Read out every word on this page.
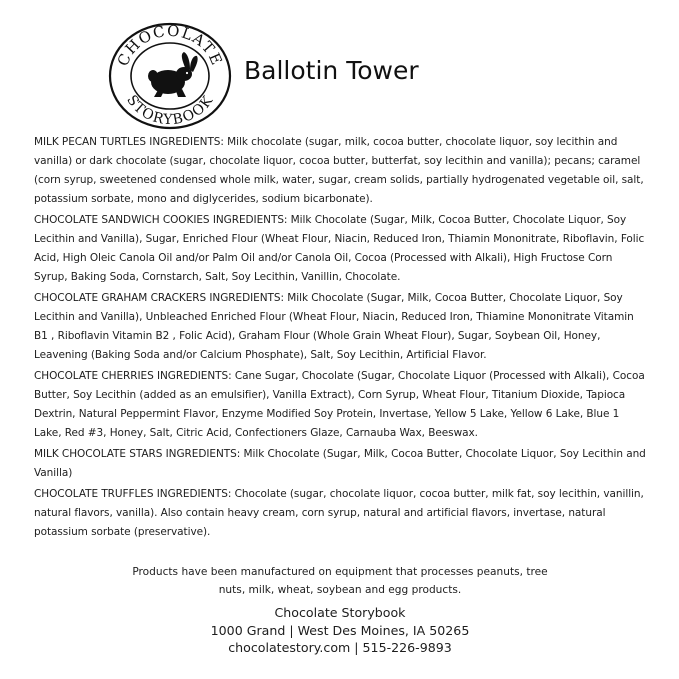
CHOCOLATE
STORYBOOK
Ballotin Tower

MILK PECAN TURTLES INGREDIENTS: Milk chocolate (sugar, milk, cocoa butter, chocolate liquor, soy lecithin and vanilla) or dark chocolate (sugar, chocolate liquor, cocoa butter, butterfat, soy lecithin and vanilla); pecans; caramel (corn syrup, sweetened condensed whole milk, water, sugar, cream solids, partially hydrogenated vegetable oil, salt, potassium sorbate, mono and diglycerides, sodium bicarbonate).

CHOCOLATE SANDWICH COOKIES INGREDIENTS: Milk Chocolate (Sugar, Milk, Cocoa Butter, Chocolate Liquor, Soy Lecithin and Vanilla), Sugar, Enriched Flour (Wheat Flour, Niacin, Reduced Iron, Thiamin Mononitrate, Riboflavin, Folic Acid, High Oleic Canola Oil and/or Palm Oil and/or Canola Oil, Cocoa (Processed with Alkali), High Fructose Corn Syrup, Baking Soda, Cornstarch, Salt, Soy Lecithin, Vanillin, Chocolate.

CHOCOLATE GRAHAM CRACKERS INGREDIENTS: Milk Chocolate (Sugar, Milk, Cocoa Butter, Chocolate Liquor, Soy Lecithin and Vanilla), Unbleached Enriched Flour (Wheat Flour, Niacin, Reduced Iron, Thiamine Mononitrate Vitamin B1 , Riboflavin Vitamin B2 , Folic Acid), Graham Flour (Whole Grain Wheat Flour), Sugar, Soybean Oil, Honey, Leavening (Baking Soda and/or Calcium Phosphate), Salt, Soy Lecithin, Artificial Flavor.

CHOCOLATE CHERRIES INGREDIENTS: Cane Sugar, Chocolate (Sugar, Chocolate Liquor (Processed with Alkali), Cocoa Butter, Soy Lecithin (added as an emulsifier), Vanilla Extract), Corn Syrup, Wheat Flour, Titanium Dioxide, Tapioca Dextrin, Natural Peppermint Flavor, Enzyme Modified Soy Protein, Invertase, Yellow 5 Lake, Yellow 6 Lake, Blue 1 Lake, Red #3, Honey, Salt, Citric Acid, Confectioners Glaze, Carnauba Wax, Beeswax.

MILK CHOCOLATE STARS INGREDIENTS: Milk Chocolate (Sugar, Milk, Cocoa Butter, Chocolate Liquor, Soy Lecithin and Vanilla)

CHOCOLATE TRUFFLES INGREDIENTS: Chocolate (sugar, chocolate liquor, cocoa butter, milk fat, soy lecithin, vanillin, natural flavors, vanilla). Also contain heavy cream, corn syrup, natural and artificial flavors, invertase, natural potassium sorbate (preservative).

Products have been manufactured on equipment that processes peanuts, tree
nuts, milk, wheat, soybean and egg products.

Chocolate Storybook
1000 Grand | West Des Moines, IA 50265
chocolatestory.com | 515-226-9893
